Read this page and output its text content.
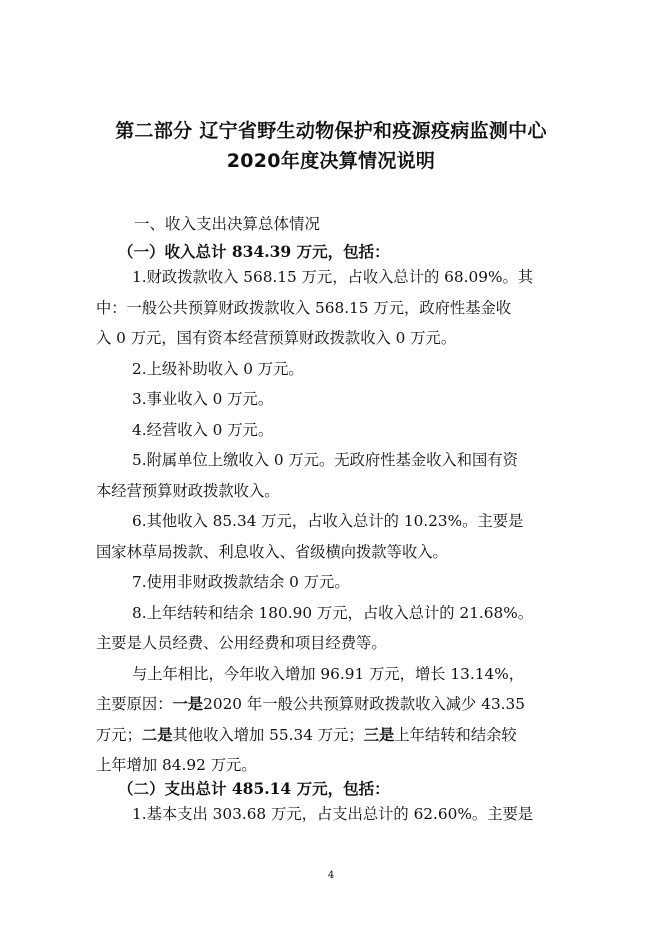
第二部分 辽宁省野生动物保护和疫源疫病监测中心
2020年度决算情况说明
一、收入支出决算总体情况
（一）收入总计 834.39 万元，包括：
1.财政拨款收入 568.15 万元，占收入总计的 68.09%。其
中：一般公共预算财政拨款收入 568.15 万元，政府性基金收
入 0 万元，国有资本经营预算财政拨款收入 0 万元。
2.上级补助收入 0 万元。
3.事业收入 0 万元。
4.经营收入 0 万元。
5.附属单位上缴收入 0 万元。无政府性基金收入和国有资
本经营预算财政拨款收入。
6.其他收入 85.34 万元，占收入总计的 10.23%。主要是
国家林草局拨款、利息收入、省级横向拨款等收入。
7.使用非财政拨款结余 0 万元。
8.上年结转和结余 180.90 万元，占收入总计的 21.68%。
主要是人员经费、公用经费和项目经费等。
与上年相比，今年收入增加 96.91 万元，增长 13.14%，
主要原因：一是2020 年一般公共预算财政拨款收入减少 43.35
万元；二是其他收入增加 55.34 万元；三是上年结转和结余较
上年增加 84.92 万元。
（二）支出总计 485.14 万元，包括：
1.基本支出 303.68 万元，占支出总计的 62.60%。主要是
4
